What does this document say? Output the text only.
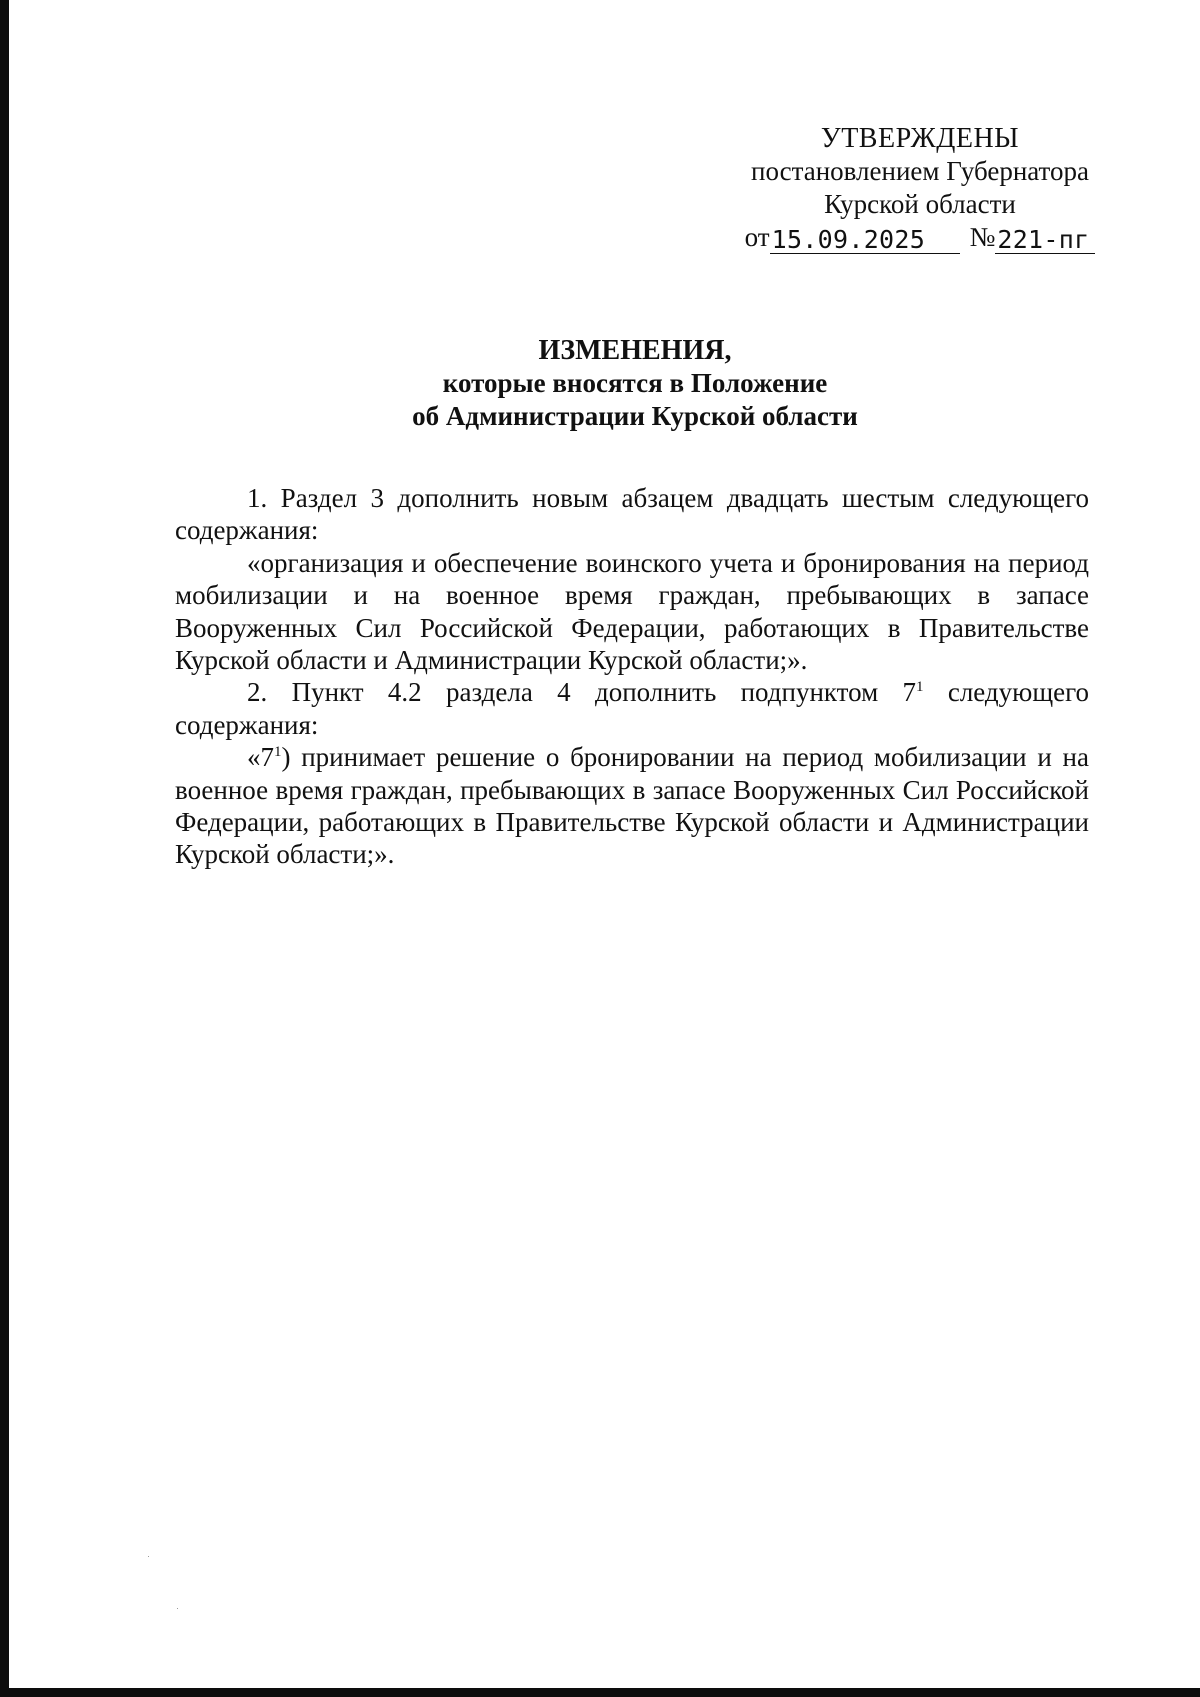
УТВЕРЖДЕНЫ
постановлением Губернатора
Курской области
от 15.09.2025	№ 221-пг
ИЗМЕНЕНИЯ,
которые вносятся в Положение
об Администрации Курской области

1. Раздел 3 дополнить новым абзацем двадцать шестым следующего содержания:

«организация и обеспечение воинского учета и бронирования на период мобилизации и на военное время граждан, пребывающих в запасе Вооруженных Сил Российской Федерации, работающих в Правительстве Курской области и Администрации Курской области;».

2. Пункт 4.2 раздела 4 дополнить подпунктом $7^1$ следующего содержания:

«$7^1$) принимает решение о бронировании на период мобилизации и на военное время граждан, пребывающих в запасе Вооруженных Сил Российской Федерации, работающих в Правительстве Курской области и Администрации Курской области;».
